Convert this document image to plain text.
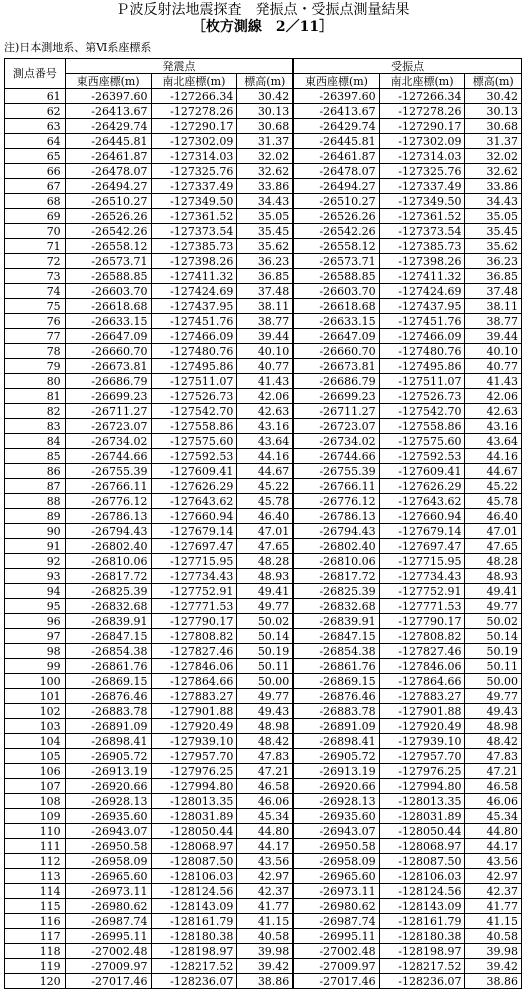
Ｐ波反射法地震探査　発振点・受振点測量結果
［枚方測線　2／11］
注)日本測地系、第Ⅵ系座標系
測点番号	発震点			受振点		
	東西座標(m)	南北座標(m)	標高(m)	東西座標(m)	南北座標(m)	標高(m)
61	-26397.60	-127266.34	30.42	-26397.60	-127266.34	30.42
62	-26413.67	-127278.26	30.13	-26413.67	-127278.26	30.13
63	-26429.74	-127290.17	30.68	-26429.74	-127290.17	30.68
64	-26445.81	-127302.09	31.37	-26445.81	-127302.09	31.37
65	-26461.87	-127314.03	32.02	-26461.87	-127314.03	32.02
66	-26478.07	-127325.76	32.62	-26478.07	-127325.76	32.62
67	-26494.27	-127337.49	33.86	-26494.27	-127337.49	33.86
68	-26510.27	-127349.50	34.43	-26510.27	-127349.50	34.43
69	-26526.26	-127361.52	35.05	-26526.26	-127361.52	35.05
70	-26542.26	-127373.54	35.45	-26542.26	-127373.54	35.45
71	-26558.12	-127385.73	35.62	-26558.12	-127385.73	35.62
72	-26573.71	-127398.26	36.23	-26573.71	-127398.26	36.23
73	-26588.85	-127411.32	36.85	-26588.85	-127411.32	36.85
74	-26603.70	-127424.69	37.48	-26603.70	-127424.69	37.48
75	-26618.68	-127437.95	38.11	-26618.68	-127437.95	38.11
76	-26633.15	-127451.76	38.77	-26633.15	-127451.76	38.77
77	-26647.09	-127466.09	39.44	-26647.09	-127466.09	39.44
78	-26660.70	-127480.76	40.10	-26660.70	-127480.76	40.10
79	-26673.81	-127495.86	40.77	-26673.81	-127495.86	40.77
80	-26686.79	-127511.07	41.43	-26686.79	-127511.07	41.43
81	-26699.23	-127526.73	42.06	-26699.23	-127526.73	42.06
82	-26711.27	-127542.70	42.63	-26711.27	-127542.70	42.63
83	-26723.07	-127558.86	43.16	-26723.07	-127558.86	43.16
84	-26734.02	-127575.60	43.64	-26734.02	-127575.60	43.64
85	-26744.66	-127592.53	44.16	-26744.66	-127592.53	44.16
86	-26755.39	-127609.41	44.67	-26755.39	-127609.41	44.67
87	-26766.11	-127626.29	45.22	-26766.11	-127626.29	45.22
88	-26776.12	-127643.62	45.78	-26776.12	-127643.62	45.78
89	-26786.13	-127660.94	46.40	-26786.13	-127660.94	46.40
90	-26794.43	-127679.14	47.01	-26794.43	-127679.14	47.01
91	-26802.40	-127697.47	47.65	-26802.40	-127697.47	47.65
92	-26810.06	-127715.95	48.28	-26810.06	-127715.95	48.28
93	-26817.72	-127734.43	48.93	-26817.72	-127734.43	48.93
94	-26825.39	-127752.91	49.41	-26825.39	-127752.91	49.41
95	-26832.68	-127771.53	49.77	-26832.68	-127771.53	49.77
96	-26839.91	-127790.17	50.02	-26839.91	-127790.17	50.02
97	-26847.15	-127808.82	50.14	-26847.15	-127808.82	50.14
98	-26854.38	-127827.46	50.19	-26854.38	-127827.46	50.19
99	-26861.76	-127846.06	50.11	-26861.76	-127846.06	50.11
100	-26869.15	-127864.66	50.00	-26869.15	-127864.66	50.00
101	-26876.46	-127883.27	49.77	-26876.46	-127883.27	49.77
102	-26883.78	-127901.88	49.43	-26883.78	-127901.88	49.43
103	-26891.09	-127920.49	48.98	-26891.09	-127920.49	48.98
104	-26898.41	-127939.10	48.42	-26898.41	-127939.10	48.42
105	-26905.72	-127957.70	47.83	-26905.72	-127957.70	47.83
106	-26913.19	-127976.25	47.21	-26913.19	-127976.25	47.21
107	-26920.66	-127994.80	46.58	-26920.66	-127994.80	46.58
108	-26928.13	-128013.35	46.06	-26928.13	-128013.35	46.06
109	-26935.60	-128031.89	45.34	-26935.60	-128031.89	45.34
110	-26943.07	-128050.44	44.80	-26943.07	-128050.44	44.80
111	-26950.58	-128068.97	44.17	-26950.58	-128068.97	44.17
112	-26958.09	-128087.50	43.56	-26958.09	-128087.50	43.56
113	-26965.60	-128106.03	42.97	-26965.60	-128106.03	42.97
114	-26973.11	-128124.56	42.37	-26973.11	-128124.56	42.37
115	-26980.62	-128143.09	41.77	-26980.62	-128143.09	41.77
116	-26987.74	-128161.79	41.15	-26987.74	-128161.79	41.15
117	-26995.11	-128180.38	40.58	-26995.11	-128180.38	40.58
118	-27002.48	-128198.97	39.98	-27002.48	-128198.97	39.98
119	-27009.97	-128217.52	39.42	-27009.97	-128217.52	39.42
120	-27017.46	-128236.07	38.86	-27017.46	-128236.07	38.86
